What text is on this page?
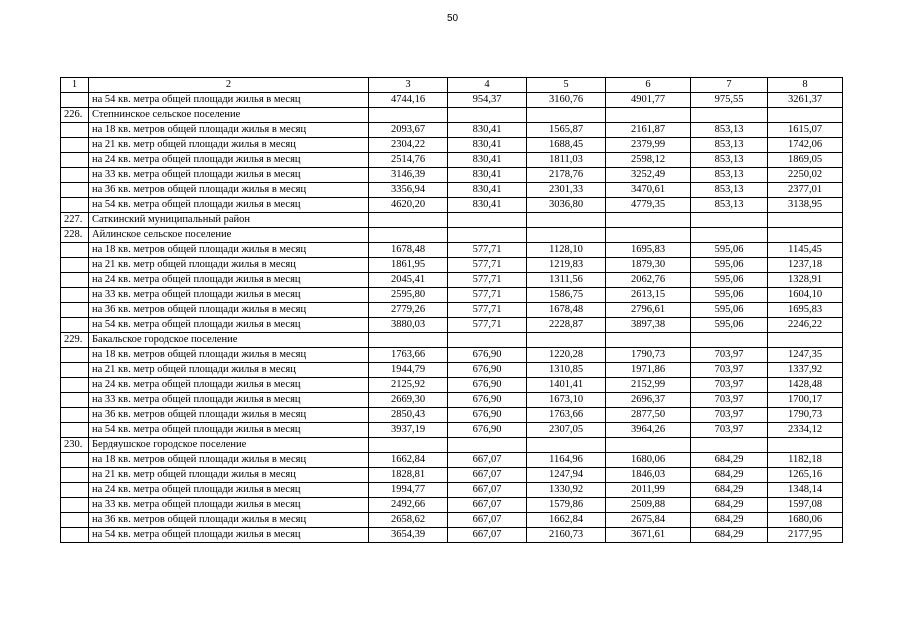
50
1	2	3	4	5	6	7	8
	на 54 кв. метра общей площади жилья в месяц	4744,16	954,37	3160,76	4901,77	975,55	3261,37
226.	Степнинское сельское поселение						
	на 18 кв. метров общей площади жилья в месяц	2093,67	830,41	1565,87	2161,87	853,13	1615,07
	на 21 кв. метр общей площади жилья в месяц	2304,22	830,41	1688,45	2379,99	853,13	1742,06
	на 24 кв. метра общей площади жилья в месяц	2514,76	830,41	1811,03	2598,12	853,13	1869,05
	на 33 кв. метра общей площади жилья в месяц	3146,39	830,41	2178,76	3252,49	853,13	2250,02
	на 36 кв. метров общей площади жилья в месяц	3356,94	830,41	2301,33	3470,61	853,13	2377,01
	на 54 кв. метра общей площади жилья в месяц	4620,20	830,41	3036,80	4779,35	853,13	3138,95
227.	Саткинский муниципальный район						
228.	Айлинское сельское поселение						
	на 18 кв. метров общей площади жилья в месяц	1678,48	577,71	1128,10	1695,83	595,06	1145,45
	на 21 кв. метр общей площади жилья в месяц	1861,95	577,71	1219,83	1879,30	595,06	1237,18
	на 24 кв. метра общей площади жилья в месяц	2045,41	577,71	1311,56	2062,76	595,06	1328,91
	на 33 кв. метра общей площади жилья в месяц	2595,80	577,71	1586,75	2613,15	595,06	1604,10
	на 36 кв. метров общей площади жилья в месяц	2779,26	577,71	1678,48	2796,61	595,06	1695,83
	на 54 кв. метра общей площади жилья в месяц	3880,03	577,71	2228,87	3897,38	595,06	2246,22
229.	Бакальское городское поселение						
	на 18 кв. метров общей площади жилья в месяц	1763,66	676,90	1220,28	1790,73	703,97	1247,35
	на 21 кв. метр общей площади жилья в месяц	1944,79	676,90	1310,85	1971,86	703,97	1337,92
	на 24 кв. метра общей площади жилья в месяц	2125,92	676,90	1401,41	2152,99	703,97	1428,48
	на 33 кв. метра общей площади жилья в месяц	2669,30	676,90	1673,10	2696,37	703,97	1700,17
	на 36 кв. метров общей площади жилья в месяц	2850,43	676,90	1763,66	2877,50	703,97	1790,73
	на 54 кв. метра общей площади жилья в месяц	3937,19	676,90	2307,05	3964,26	703,97	2334,12
230.	Бердяушское городское поселение						
	на 18 кв. метров общей площади жилья в месяц	1662,84	667,07	1164,96	1680,06	684,29	1182,18
	на 21 кв. метр общей площади жилья в месяц	1828,81	667,07	1247,94	1846,03	684,29	1265,16
	на 24 кв. метра общей площади жилья в месяц	1994,77	667,07	1330,92	2011,99	684,29	1348,14
	на 33 кв. метра общей площади жилья в месяц	2492,66	667,07	1579,86	2509,88	684,29	1597,08
	на 36 кв. метров общей площади жилья в месяц	2658,62	667,07	1662,84	2675,84	684,29	1680,06
	на 54 кв. метра общей площади жилья в месяц	3654,39	667,07	2160,73	3671,61	684,29	2177,95
